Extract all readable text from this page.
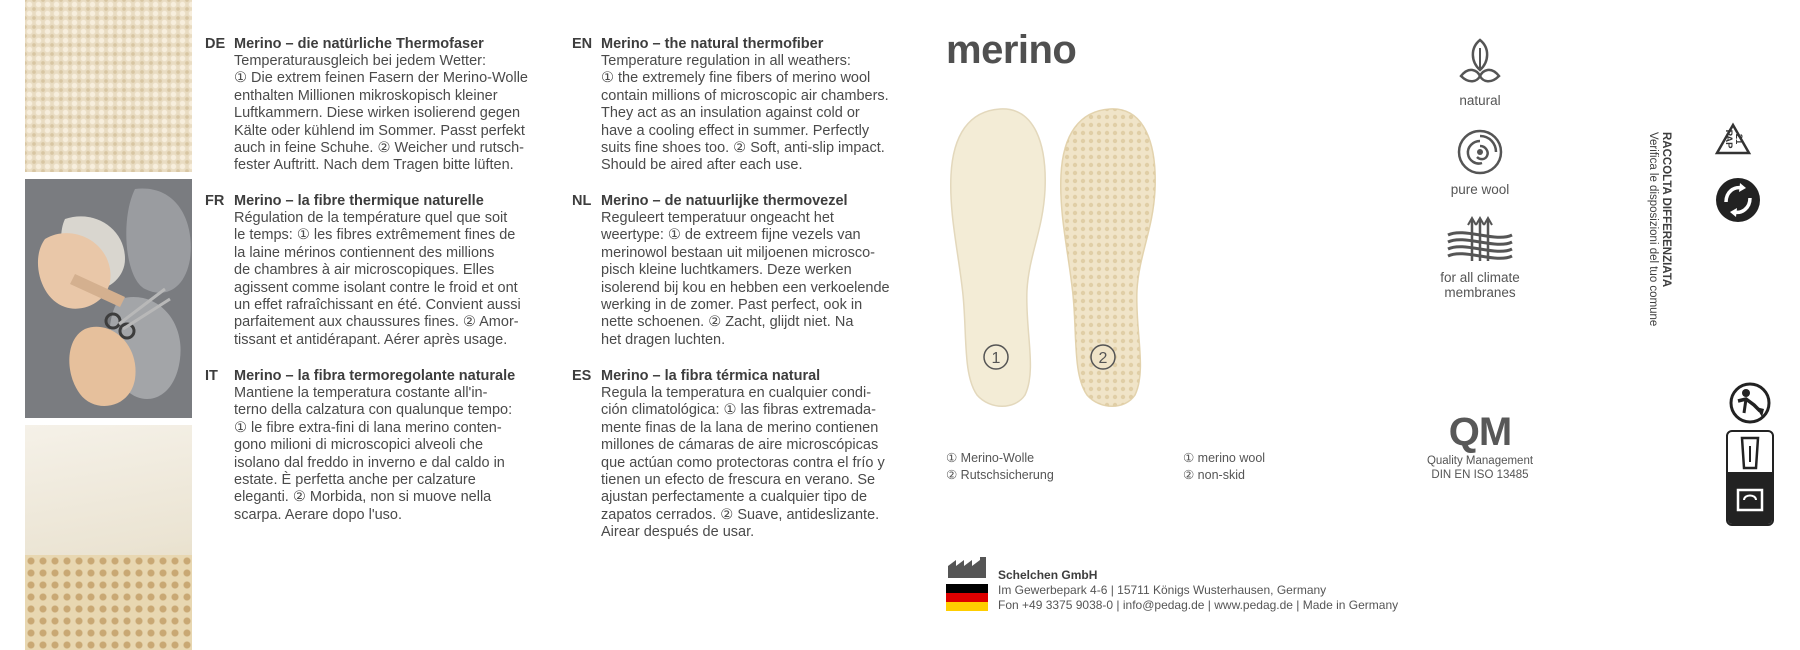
DE Merino – die natürliche Thermofaser
Temperaturausgleich bei jedem Wetter:
① Die extrem feinen Fasern der Merino-Wolle
enthalten Millionen mikroskopisch kleiner
Luftkammern. Diese wirken isolierend gegen
Kälte oder kühlend im Sommer. Passt perfekt
auch in feine Schuhe. ② Weicher und rutsch-
fester Auftritt. Nach dem Tragen bitte lüften.
FR Merino – la fibre thermique naturelle
Régulation de la température quel que soit
le temps: ① les fibres extrêmement fines de
la laine mérinos contiennent des millions
de chambres à air microscopiques. Elles
agissent comme isolant contre le froid et ont
un effet rafraîchissant en été. Convient aussi
parfaitement aux chaussures fines. ② Amor-
tissant et antidérapant. Aérer après usage.
IT Merino – la fibra termoregolante naturale
Mantiene la temperatura costante all'in-
terno della calzatura con qualunque tempo:
① le fibre extra-fini di lana merino conten-
gono milioni di microscopici alveoli che
isolano dal freddo in inverno e dal caldo in
estate. È perfetta anche per calzature
eleganti. ② Morbida, non si muove nella
scarpa. Aerare dopo l'uso.
EN Merino – the natural thermofiber
Temperature regulation in all weathers:
① the extremely fine fibers of merino wool
contain millions of microscopic air chambers.
They act as an insulation against cold or
have a cooling effect in summer. Perfectly
suits fine shoes too. ② Soft, anti-slip impact.
Should be aired after each use.
NL Merino – de natuurlijke thermovezel
Reguleert temperatuur ongeacht het
weertype: ① de extreem fijne vezels van
merinowol bestaan uit miljoenen microsco-
pisch kleine luchtkamers. Deze werken
isolerend bij kou en hebben een verkoelende
werking in de zomer. Past perfect, ook in
nette schoenen. ② Zacht, glijdt niet. Na
het dragen luchten.
ES Merino – la fibra térmica natural
Regula la temperatura en cualquier condi-
ción climatológica: ① las fibras extremada-
mente finas de la lana de merino contienen
millones de cámaras de aire microscópicas
que actúan como protectoras contra el frío y
tienen un efecto de frescura en verano. Se
ajustan perfectamente a cualquier tipo de
zapatos cerrados. ② Suave, antideslizante.
Airear después de usar.
merino
1	2
① Merino-Wolle
② Rutschsicherung
① merino wool
② non-skid
natural
pure wool
for all climate
membranes
QM
Quality Management
DIN EN ISO 13485
Schelchen GmbH
Im Gewerbepark 4-6 | 15711 Königs Wusterhausen, Germany
Fon +49 3375 9038-0 | info@pedag.de | www.pedag.de | Made in Germany
RACCOLTA DIFFERENZIATA
Verifica le disposizioni del tuo comune	21
PAP
